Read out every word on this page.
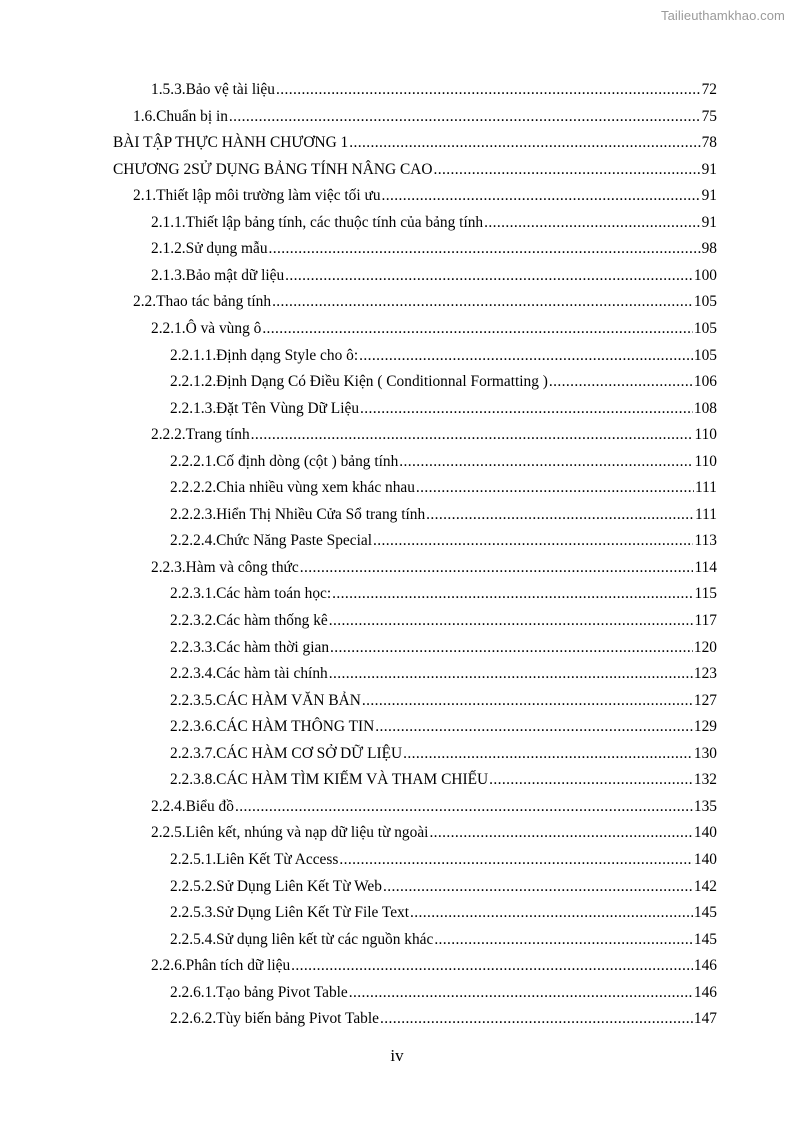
Tailieuthamkhao.com
1.5.3. Bảo vệ tài liệu .....	72
1.6. Chuẩn bị in .....	75
BÀI TẬP THỰC HÀNH CHƯƠNG 1 .....	78
CHƯƠNG 2 SỬ DỤNG BẢNG TÍNH NÂNG CAO .....	91
2.1. Thiết lập môi trường làm việc tối ưu .....	91
2.1.1. Thiết lập bảng tính, các thuộc tính của bảng tính .....	91
2.1.2. Sử dụng mẫu .....	98
2.1.3. Bảo mật dữ liệu .....	100
2.2. Thao tác bảng tính .....	105
2.2.1. Ô và vùng ô .....	105
2.2.1.1. Định dạng Style cho ô: .....	105
2.2.1.2. Định Dạng Có Điều Kiện ( Conditionnal Formatting ) .....	106
2.2.1.3. Đặt Tên Vùng Dữ Liệu .....	108
2.2.2. Trang tính .....	110
2.2.2.1. Cố định dòng (cột ) bảng tính .....	110
2.2.2.2. Chia nhiều vùng xem khác nhau .....	111
2.2.2.3. Hiển Thị Nhiều Cửa Sổ trang tính .....	111
2.2.2.4. Chức Năng Paste Special .....	113
2.2.3. Hàm và công thức .....	114
2.2.3.1. Các hàm toán học: .....	115
2.2.3.2. Các hàm thống kê .....	117
2.2.3.3. Các hàm thời gian .....	120
2.2.3.4. Các hàm tài chính .....	123
2.2.3.5. CÁC HÀM VĂN BẢN .....	127
2.2.3.6. CÁC HÀM THÔNG TIN .....	129
2.2.3.7. CÁC HÀM CƠ SỞ DỮ LIỆU .....	130
2.2.3.8. CÁC HÀM TÌM KIẾM VÀ THAM CHIẾU .....	132
2.2.4. Biểu đồ .....	135
2.2.5. Liên kết, nhúng và nạp dữ liệu từ ngoài .....	140
2.2.5.1. Liên Kết Từ Access .....	140
2.2.5.2. Sử Dụng Liên Kết Từ Web .....	142
2.2.5.3. Sử Dụng Liên Kết Từ File Text .....	145
2.2.5.4. Sử dụng liên kết từ các nguồn khác .....	145
2.2.6. Phân tích dữ liệu .....	146
2.2.6.1. Tạo bảng Pivot Table .....	146
2.2.6.2. Tùy biến bảng Pivot Table .....	147
iv
